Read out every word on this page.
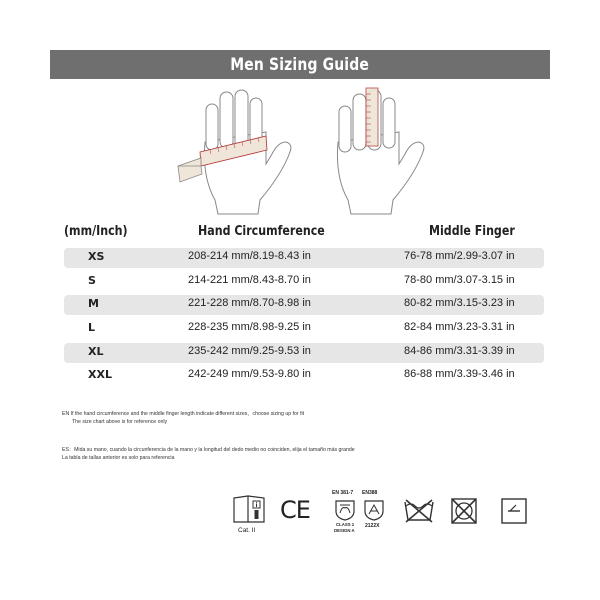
Men Sizing Guide
(mm/Inch)	Hand Circumference	Middle Finger
XS	208-214 mm/8.19-8.43 in	76-78 mm/2.99-3.07 in
S	214-221 mm/8.43-8.70 in	78-80 mm/3.07-3.15 in
M	221-228 mm/8.70-8.98 in	80-82 mm/3.15-3.23 in
L	228-235 mm/8.98-9.25 in	82-84 mm/3.23-3.31 in
XL	235-242 mm/9.25-9.53 in	84-86 mm/3.31-3.39 in
XXL	242-249 mm/9.53-9.80 in	86-88 mm/3.39-3.46 in
EN If the hand circumference and the middle finger length indicate different sizes，choose sizing up for fit
The size chart above is for reference only
ES：Mida su mano, cuando la circunferencia de la mano y la longitud del dedo medio no coinciden, elija el tamaño más grande
La tabla de tallas anterior es solo para referencia
i
Cat. II
CE
EN 381-7
CLASS 1
DESIGN A
EN388
2122X
